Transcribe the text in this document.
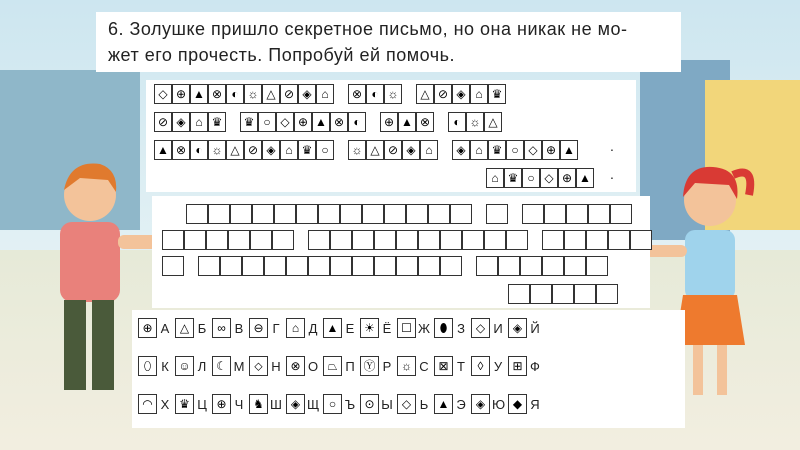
6. Золушке пришло секретное письмо, но она никак не мо-
жет его прочесть. Попробуй ей помочь.
◇ ⊕ ▲ ⊗ ◐ ☼ △ ⊘ ◈ ⌂	⊗ ◐ ☼	△ ⊘ ◈ ⌂ ♛
⊘ ◈ ⌂ ♛	♛ ○ ◇ ⊕ ▲ ⊗ ◐	⊕ ▲ ⊗	◐ ☼ △
▲ ⊗ ◐ ☼ △ ⊘ ◈ ⌂ ♛ ○	☼ △ ⊘ ◈ ⌂	◈ ⌂ ♛ ○ ◇ ⊕ ▲
⌂ ♛ ○ ◇ ⊕ ▲
.
.
⊕ А △ Б ∞ В ⊖ Г	⌂ Д ▲ Е ☀ Ё ☐ Ж ⬮ З ◇ И ◈ Й
⬯ К ☺ Л ☾ М ⬦ Н ⊗ О ⏢ П Ⓨ Р ☼ С ⊠ Т	◊ У ⊞ Ф
◠ Х ♛ Ц ⊕ Ч ♞ Ш ◈ Щ ○ Ъ ⊙ Ы ◇ Ь ▲ Э ◈ Ю ◆ Я
